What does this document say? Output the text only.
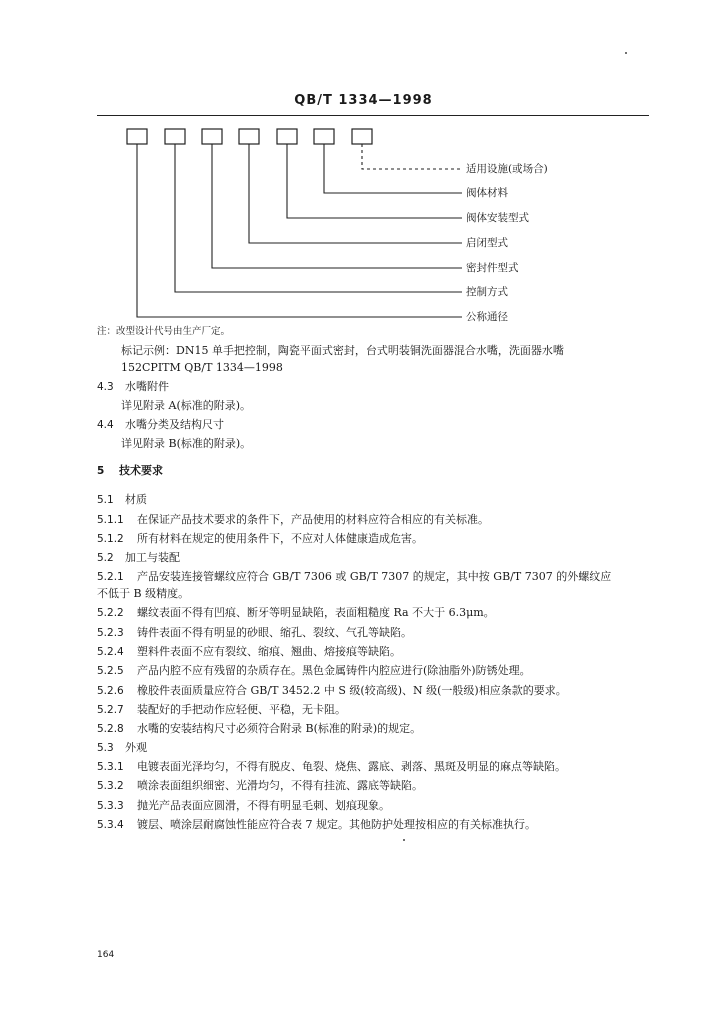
QB/T 1334—1998
适用设施(或场合)
阀体材料
阀体安装型式
启闭型式
密封件型式
控制方式
公称通径
注：改型设计代号由生产厂定。
标记示例：DN15 单手把控制，陶瓷平面式密封，台式明装铜洗面器混合水嘴，洗面器水嘴
152CPITM QB/T 1334—1998
4.3 水嘴附件
详见附录 A(标准的附录)。
4.4 水嘴分类及结构尺寸
详见附录 B(标准的附录)。
5 技术要求
5.1 材质
5.1.1 在保证产品技术要求的条件下，产品使用的材料应符合相应的有关标准。
5.1.2 所有材料在规定的使用条件下，不应对人体健康造成危害。
5.2 加工与装配
5.2.1 产品安装连接管螺纹应符合 GB/T 7306 或 GB/T 7307 的规定，其中按 GB/T 7307 的外螺纹应
不低于 B 级精度。
5.2.2 螺纹表面不得有凹痕、断牙等明显缺陷，表面粗糙度 Ra 不大于 6.3μm。
5.2.3 铸件表面不得有明显的砂眼、缩孔、裂纹、气孔等缺陷。
5.2.4 塑料件表面不应有裂纹、缩痕、翘曲、熔接痕等缺陷。
5.2.5 产品内腔不应有残留的杂质存在。黑色金属铸件内腔应进行(除油脂外)防锈处理。
5.2.6 橡胶件表面质量应符合 GB/T 3452.2 中 S 级(较高级)、N 级(一般级)相应条款的要求。
5.2.7 装配好的手把动作应轻便、平稳，无卡阻。
5.2.8 水嘴的安装结构尺寸必须符合附录 B(标准的附录)的规定。
5.3 外观
5.3.1 电镀表面光泽均匀，不得有脱皮、龟裂、烧焦、露底、剥落、黑斑及明显的麻点等缺陷。
5.3.2 喷涂表面组织细密、光滑均匀，不得有挂流、露底等缺陷。
5.3.3 抛光产品表面应圆滑，不得有明显毛刺、划痕现象。
5.3.4 镀层、喷涂层耐腐蚀性能应符合表 7 规定。其他防护处理按相应的有关标准执行。
164
